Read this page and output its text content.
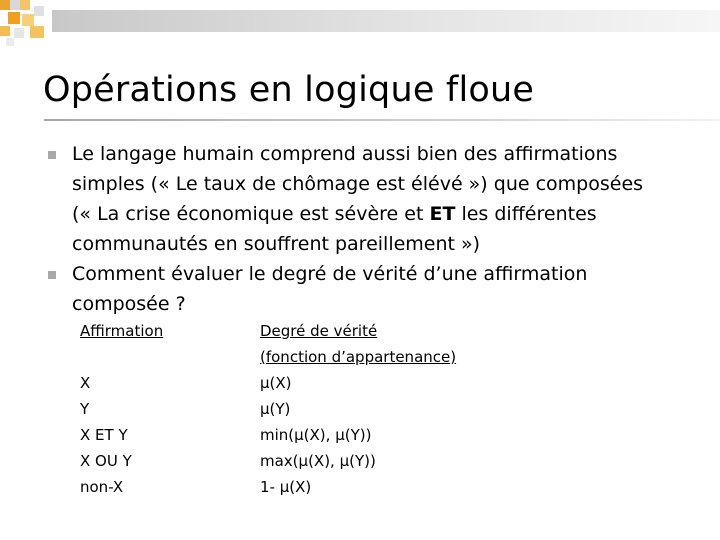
Opérations en logique floue
Le langage humain comprend aussi bien des affirmations
simples (« Le taux de chômage est élévé ») que composées
(« La crise économique est sévère et ET les différentes
communautés en souffrent pareillement »)
Comment évaluer le degré de vérité d’une affirmation
composée ?
Affirmation
X
Y
X ET Y
X OU Y
non-X
Degré de vérité
(fonction d’appartenance)
μ(X)
μ(Y)
min(μ(X), μ(Y))
max(μ(X), μ(Y))
1- μ(X)
